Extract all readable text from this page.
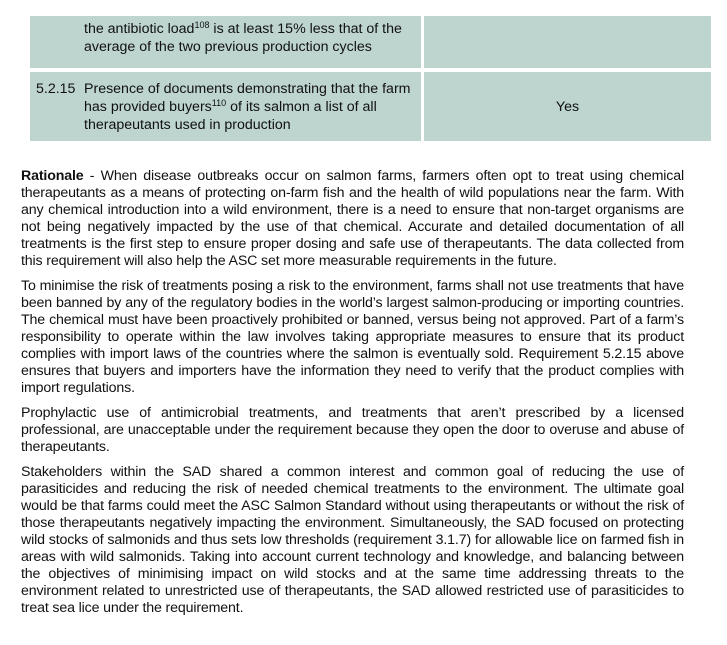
the antibiotic load$^{108}$ is at least 15% less that of the average of the two previous production cycles
5.2.15 Presence of documents demonstrating that the farm has provided buyers$^{110}$ of its salmon a list of all therapeutants used in production
Yes

Rationale - When disease outbreaks occur on salmon farms, farmers often opt to treat using chemical therapeutants as a means of protecting on-farm fish and the health of wild populations near the farm. With any chemical introduction into a wild environment, there is a need to ensure that non-target organisms are not being negatively impacted by the use of that chemical. Accurate and detailed documentation of all treatments is the first step to ensure proper dosing and safe use of therapeutants. The data collected from this requirement will also help the ASC set more measurable requirements in the future.

To minimise the risk of treatments posing a risk to the environment, farms shall not use treatments that have been banned by any of the regulatory bodies in the world’s largest salmon-producing or importing countries. The chemical must have been proactively prohibited or banned, versus being not approved. Part of a farm’s responsibility to operate within the law involves taking appropriate measures to ensure that its product complies with import laws of the countries where the salmon is eventually sold. Requirement 5.2.15 above ensures that buyers and importers have the information they need to verify that the product complies with import regulations.

Prophylactic use of antimicrobial treatments, and treatments that aren’t prescribed by a licensed professional, are unacceptable under the requirement because they open the door to overuse and abuse of therapeutants.

Stakeholders within the SAD shared a common interest and common goal of reducing the use of parasiticides and reducing the risk of needed chemical treatments to the environment. The ultimate goal would be that farms could meet the ASC Salmon Standard without using therapeutants or without the risk of those therapeutants negatively impacting the environment. Simultaneously, the SAD focused on protecting wild stocks of salmonids and thus sets low thresholds (requirement 3.1.7) for allowable lice on farmed fish in areas with wild salmonids. Taking into account current technology and knowledge, and balancing between the objectives of minimising impact on wild stocks and at the same time addressing threats to the environment related to unrestricted use of therapeutants, the SAD allowed restricted use of parasiticides to treat sea lice under the requirement.
